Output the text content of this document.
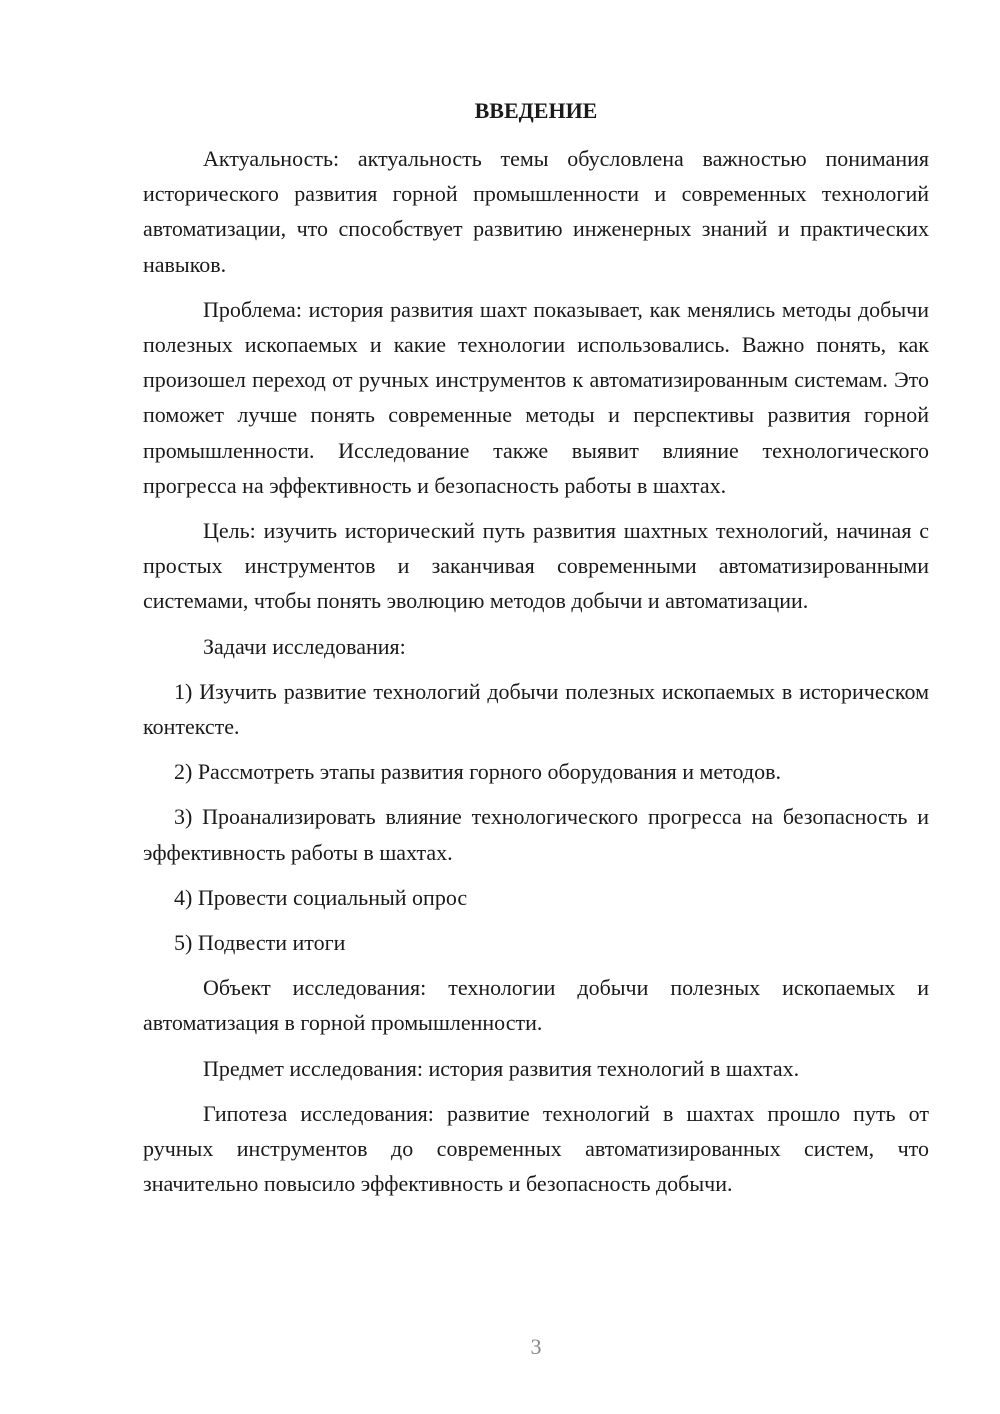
ВВЕДЕНИЕ

Актуальность: актуальность темы обусловлена важностью понимания исторического развития горной промышленности и современных технологий автоматизации, что способствует развитию инженерных знаний и практических навыков.

Проблема: история развития шахт показывает, как менялись методы добычи полезных ископаемых и какие технологии использовались. Важно понять, как произошел переход от ручных инструментов к автоматизированным системам. Это поможет лучше понять современные методы и перспективы развития горной промышленности. Исследование также выявит влияние технологического прогресса на эффективность и безопасность работы в шахтах.

Цель: изучить исторический путь развития шахтных технологий, начиная с простых инструментов и заканчивая современными автоматизированными системами, чтобы понять эволюцию методов добычи и автоматизации.

Задачи исследования:

1) Изучить развитие технологий добычи полезных ископаемых в историческом контексте.

2) Рассмотреть этапы развития горного оборудования и методов.

3) Проанализировать влияние технологического прогресса на безопасность и эффективность работы в шахтах.

4) Провести социальный опрос

5) Подвести итоги

Объект исследования: технологии добычи полезных ископаемых и автоматизация в горной промышленности.

Предмет исследования: история развития технологий в шахтах.

Гипотеза исследования: развитие технологий в шахтах прошло путь от ручных инструментов до современных автоматизированных систем, что значительно повысило эффективность и безопасность добычи.

3
